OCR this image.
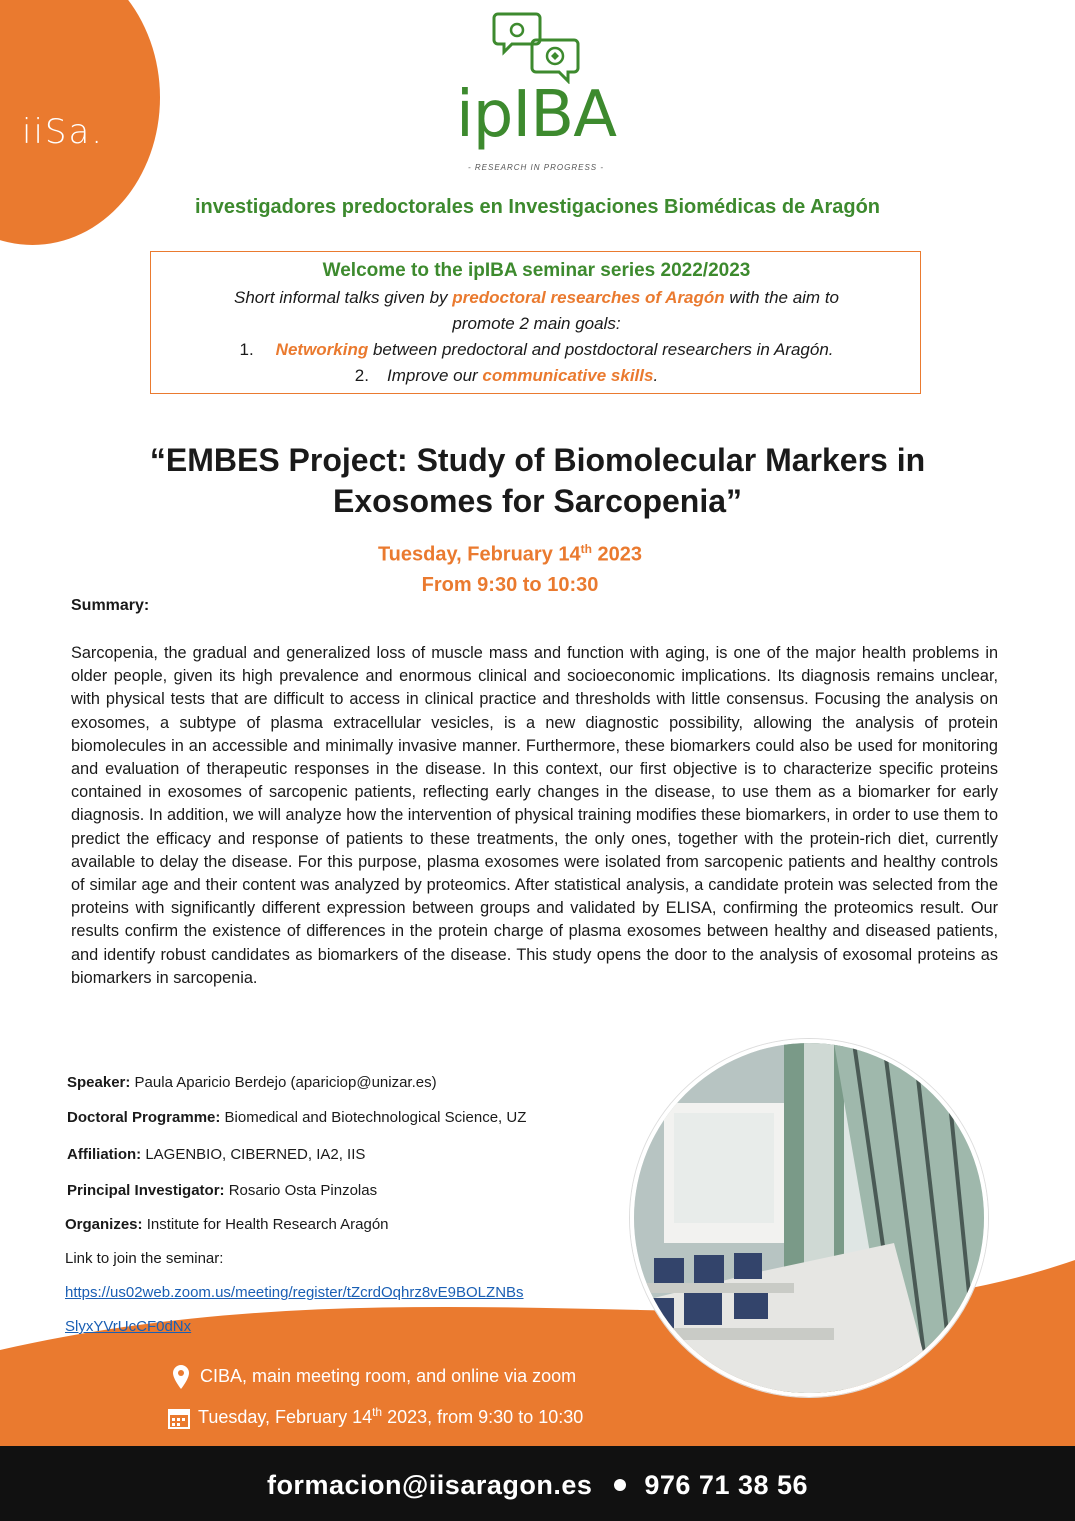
iiSa.	ipIBA
- RESEARCH IN PROGRESS -
investigadores predoctorales en Investigaciones Biomédicas de Aragón
Welcome to the ipIBA seminar series 2022/2023
Short informal talks given by predoctoral researches of Aragón with the aim to
promote 2 main goals:
1. Networking between predoctoral and postdoctoral researchers in Aragón.
2. Improve our communicative skills.
“EMBES Project: Study of Biomolecular Markers in
Exosomes for Sarcopenia”
Tuesday, February 14th 2023
From 9:30 to 10:30
Summary:
Sarcopenia, the gradual and generalized loss of muscle mass and function with aging, is one of the major health problems in older people, given its high prevalence and enormous clinical and socioeconomic implications. Its diagnosis remains unclear, with physical tests that are difficult to access in clinical practice and thresholds with little consensus. Focusing the analysis on exosomes, a subtype of plasma extracellular vesicles, is a new diagnostic possibility, allowing the analysis of protein biomolecules in an accessible and minimally invasive manner. Furthermore, these biomarkers could also be used for monitoring and evaluation of therapeutic responses in the disease. In this context, our first objective is to characterize specific proteins contained in exosomes of sarcopenic patients, reflecting early changes in the disease, to use them as a biomarker for early diagnosis. In addition, we will analyze how the intervention of physical training modifies these biomarkers, in order to use them to predict the efficacy and response of patients to these treatments, the only ones, together with the protein-rich diet, currently available to delay the disease. For this purpose, plasma exosomes were isolated from sarcopenic patients and healthy controls of similar age and their content was analyzed by proteomics. After statistical analysis, a candidate protein was selected from the proteins with significantly different expression between groups and validated by ELISA, confirming the proteomics result. Our results confirm the existence of differences in the protein charge of plasma exosomes between healthy and diseased patients, and identify robust candidates as biomarkers of the disease. This study opens the door to the analysis of exosomal proteins as biomarkers in sarcopenia.
Speaker: Paula Aparicio Berdejo (apariciop@unizar.es)
Doctoral Programme: Biomedical and Biotechnological Science, UZ
Affiliation: LAGENBIO, CIBERNED, IA2, IIS
Principal Investigator: Rosario Osta Pinzolas
Organizes: Institute for Health Research Aragón
Link to join the seminar:
https://us02web.zoom.us/meeting/register/tZcrdOqhrz8vE9BOLZNBs
SlyxYVrUcCF0dNx
CIBA, main meeting room, and online via zoom
Tuesday, February 14th 2023, from 9:30 to 10:30
formacion@iisaragon.es 976 71 38 56
